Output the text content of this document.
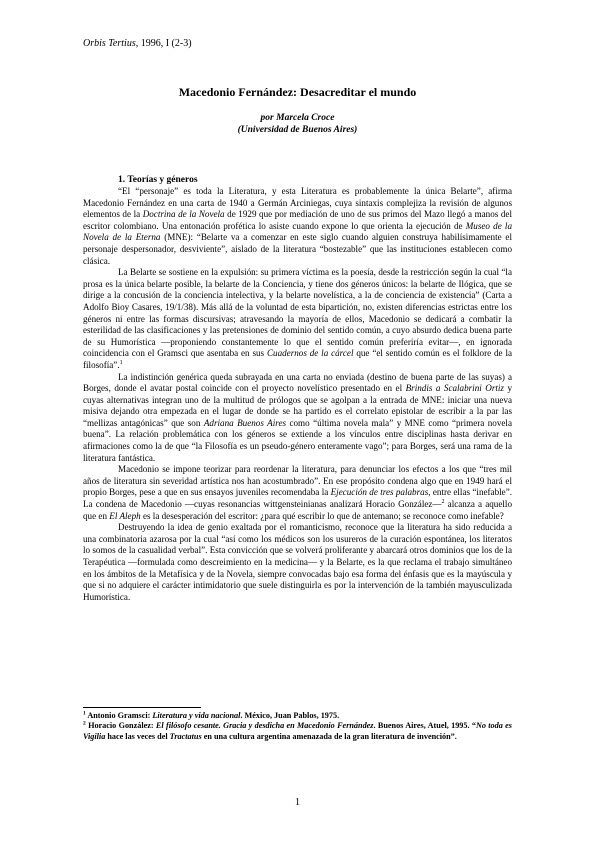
Orbis Tertius, 1996, I (2-3)
Macedonio Fernández: Desacreditar el mundo
por Marcela Croce
(Universidad de Buenos Aires)
1. Teorías y géneros

“El “personaje” es toda la Literatura, y esta Literatura es probablemente la única Belarte”, afirma Macedonio Fernández en una carta de 1940 a Germán Arciniegas, cuya sintaxis complejiza la revisión de algunos elementos de la Doctrina de la Novela de 1929 que por mediación de uno de sus primos del Mazo llegó a manos del escritor colombiano. Una entonación profética lo asiste cuando expone lo que orienta la ejecución de Museo de la Novela de la Eterna (MNE): “Belarte va a comenzar en este siglo cuando alguien construya habilísimamente el personaje despersonador, desviviente”, aislado de la literatura “bostezable” que las instituciones establecen como clásica.

La Belarte se sostiene en la expulsión: su primera víctima es la poesía, desde la restricción según la cual “la prosa es la única belarte posible, la belarte de la Conciencia, y tiene dos géneros únicos: la belarte de Ilógica, que se dirige a la concusión de la conciencia intelectiva, y la belarte novelística, a la de conciencia de existencia” (Carta a Adolfo Bioy Casares, 19/1/38). Más allá de la voluntad de esta bipartición, no, existen diferencias estrictas entre los géneros ni entre las formas discursivas; atravesando la mayoría de ellos, Macedonio se dedicará a combatir la esterilidad de las clasificaciones y las pretensiones de dominio del sentido común, a cuyo absurdo dedica buena parte de su Humorística —proponiendo constantemente lo que el sentido común preferiría evitar—, en ignorada coincidencia con el Gramsci que asentaba en sus Cuadernos de la cárcel que “el sentido común es el folklore de la filosofía”.$^1$

La indistinción genérica queda subrayada en una carta no enviada (destino de buena parte de las suyas) a Borges, donde el avatar postal coincide con el proyecto novelístico presentado en el Brindis a Scalabrini Ortiz y cuyas alternativas integran uno de la multitud de prólogos que se agolpan a la entrada de MNE: iniciar una nueva misiva dejando otra empezada en el lugar de donde se ha partido es el correlato epistolar de escribir a la par las “mellizas antagónicas” que son Adriana Buenos Aires como “última novela mala” y MNE como “primera novela buena”. La relación problemática con los géneros se extiende a los vínculos entre disciplinas hasta derivar en afirmaciones como la de que “la Filosofía es un pseudo-género enteramente vago”; para Borges, será una rama de la literatura fantástica.

Macedonio se impone teorizar para reordenar la literatura, para denunciar los efectos a los que “tres mil años de literatura sin severidad artística nos han acostumbrado”. En ese propósito condena algo que en 1949 hará el propio Borges, pese a que en sus ensayos juveniles recomendaba la Ejecución de tres palabras, entre ellas “inefable”. La condena de Macedonio —cuyas resonancias wittgensteinianas analizará Horacio González—$^2$ alcanza a aquello que en El Aleph es la desesperación del escritor: ¿para qué escribir lo que de antemano; se reconoce como inefable?

Destruyendo la idea de genio exaltada por el romanticismo, reconoce que la literatura ha sido reducida a una combinatoria azarosa por la cual “así como los médicos son los usureros de la curación espontánea, los literatos lo somos de la casualidad verbal”. Esta convicción que se volverá proliferante y abarcará otros dominios que los de la Terapéutica —formulada como descreimiento en la medicina— y la Belarte, es la que reclama el trabajo simultáneo en los ámbitos de la Metafísica y de la Novela, siempre convocadas bajo esa forma del énfasis que es la mayúscula y que si no adquiere el carácter intimidatorio que suele distinguirla es por la intervención de la también mayusculizada Humorística.

$^1$ Antonio Gramsci: Literatura y vida nacional. México, Juan Pablos, 1975.
$^2$ Horacio González: El filósofo cesante. Gracia y desdicha en Macedonio Fernández. Buenos Aires, Atuel, 1995. “No toda es Vigilia hace las veces del Tractatus en una cultura argentina amenazada de la gran literatura de invención”.
1
